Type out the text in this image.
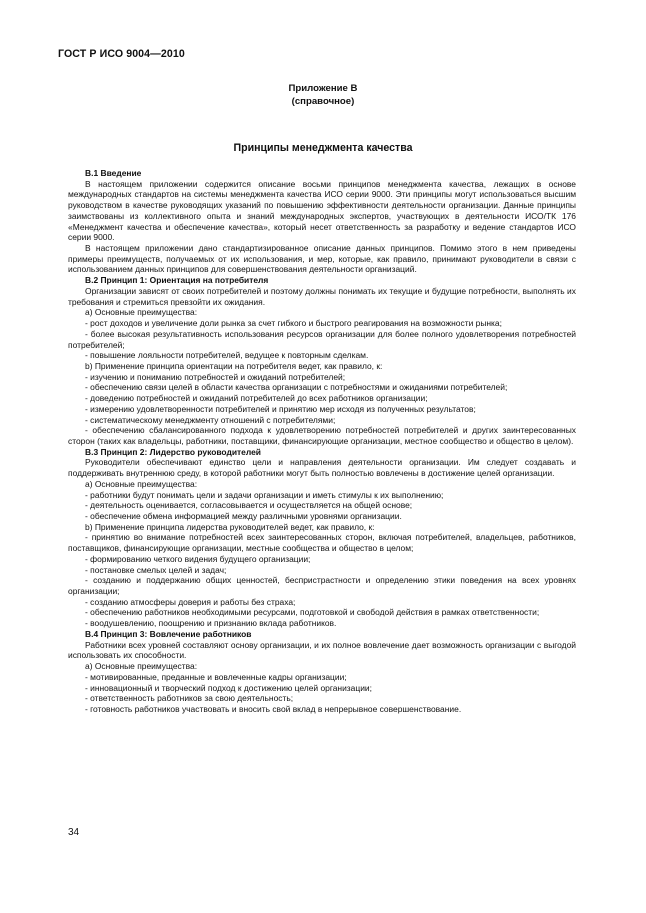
ГОСТ Р ИСО 9004—2010
Приложение В
(справочное)
Принципы менеджмента качества

В.1 Введение

В настоящем приложении содержится описание восьми принципов менеджмента качества, лежащих в основе международных стандартов на системы менеджмента качества ИСО серии 9000. Эти принципы могут использоваться высшим руководством в качестве руководящих указаний по повышению эффективности деятельности организации. Данные принципы заимствованы из коллективного опыта и знаний международных экспертов, участвующих в деятельности ИСО/ТК 176 «Менеджмент качества и обеспечение качества», который несет ответственность за разработку и ведение стандартов ИСО серии 9000.

В настоящем приложении дано стандартизированное описание данных принципов. Помимо этого в нем приведены примеры преимуществ, получаемых от их использования, и мер, которые, как правило, принимают руководители в связи с использованием данных принципов для совершенствования деятельности организаций.

В.2 Принцип 1: Ориентация на потребителя

Организации зависят от своих потребителей и поэтому должны понимать их текущие и будущие потребности, выполнять их требования и стремиться превзойти их ожидания.

а) Основные преимущества:

- рост доходов и увеличение доли рынка за счет гибкого и быстрого реагирования на возможности рынка;

- более высокая результативность использования ресурсов организации для более полного удовлетворения потребностей потребителей;

- повышение лояльности потребителей, ведущее к повторным сделкам.

b) Применение принципа ориентации на потребителя ведет, как правило, к:

- изучению и пониманию потребностей и ожиданий потребителей;

- обеспечению связи целей в области качества организации с потребностями и ожиданиями потребителей;

- доведению потребностей и ожиданий потребителей до всех работников организации;

- измерению удовлетворенности потребителей и принятию мер исходя из полученных результатов;

- систематическому менеджменту отношений с потребителями;

- обеспечению сбалансированного подхода к удовлетворению потребностей потребителей и других заинтересованных сторон (таких как владельцы, работники, поставщики, финансирующие организации, местное сообщество и общество в целом).

В.3 Принцип 2: Лидерство руководителей

Руководители обеспечивают единство цели и направления деятельности организации. Им следует создавать и поддерживать внутреннюю среду, в которой работники могут быть полностью вовлечены в достижение целей организации.

а) Основные преимущества:

- работники будут понимать цели и задачи организации и иметь стимулы к их выполнению;

- деятельность оценивается, согласовывается и осуществляется на общей основе;

- обеспечение обмена информацией между различными уровнями организации.

b) Применение принципа лидерства руководителей ведет, как правило, к:

- принятию во внимание потребностей всех заинтересованных сторон, включая потребителей, владельцев, работников, поставщиков, финансирующие организации, местные сообщества и общество в целом;

- формированию четкого видения будущего организации;

- постановке смелых целей и задач;

- созданию и поддержанию общих ценностей, беспристрастности и определению этики поведения на всех уровнях организации;

- созданию атмосферы доверия и работы без страха;

- обеспечению работников необходимыми ресурсами, подготовкой и свободой действия в рамках ответственности;

- воодушевлению, поощрению и признанию вклада работников.

В.4 Принцип 3: Вовлечение работников

Работники всех уровней составляют основу организации, и их полное вовлечение дает возможность организации с выгодой использовать их способности.

а) Основные преимущества:

- мотивированные, преданные и вовлеченные кадры организации;

- инновационный и творческий подход к достижению целей организации;

- ответственность работников за свою деятельность;

- готовность работников участвовать и вносить свой вклад в непрерывное совершенствование.

34
